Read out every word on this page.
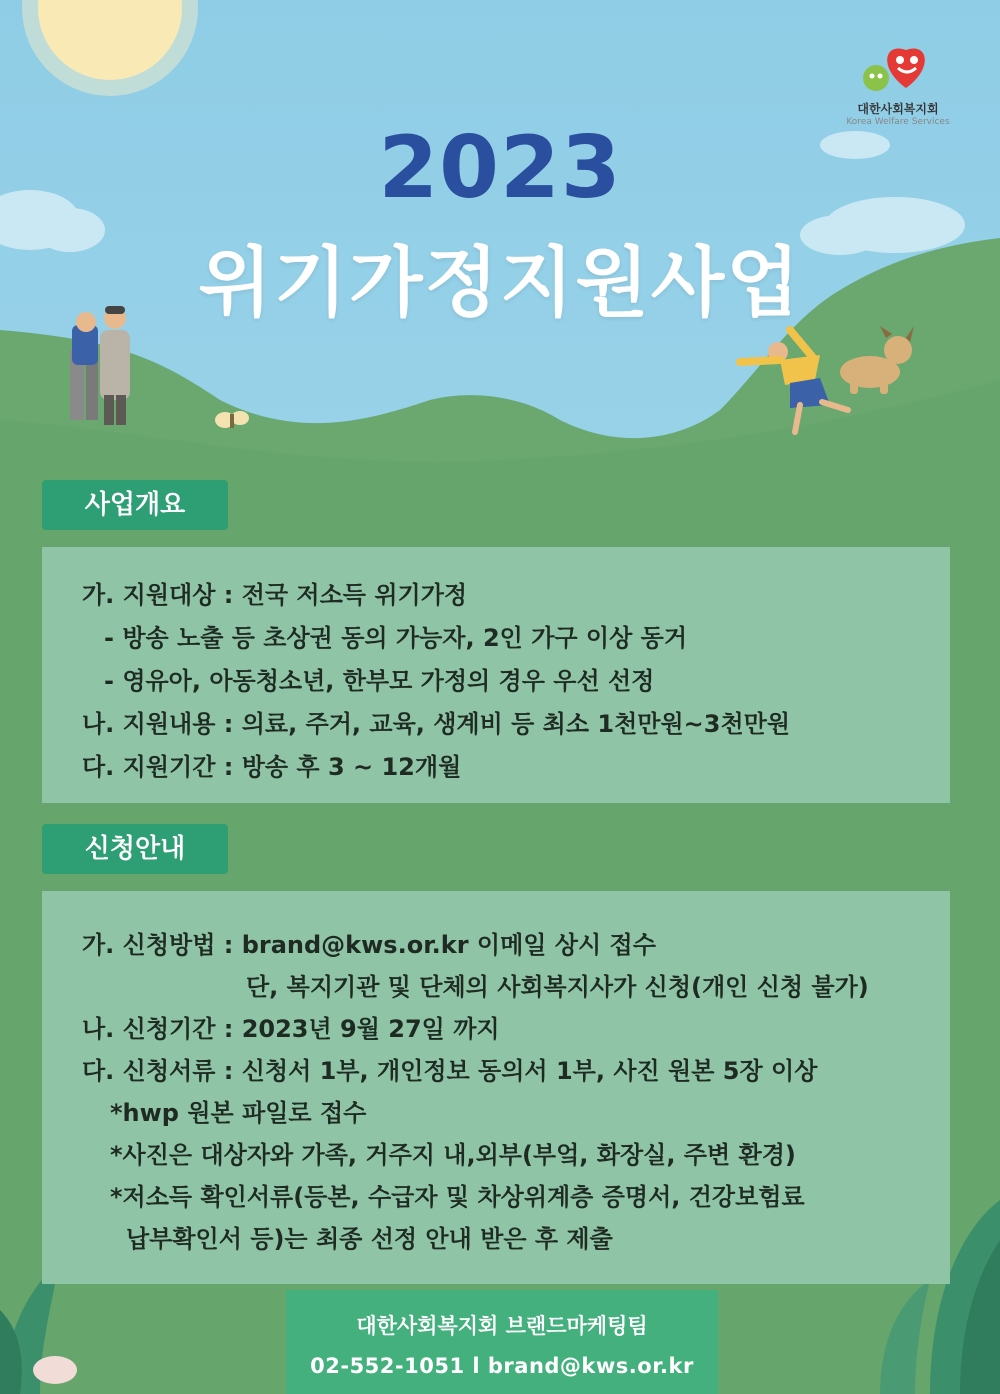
대한사회복지회
Korea Welfare Services
2023
위기가정지원사업
사업개요
가. 지원대상 : 전국 저소득 위기가정
- 방송 노출 등 초상권 동의 가능자, 2인 가구 이상 동거
- 영유아, 아동청소년, 한부모 가정의 경우 우선 선정
나. 지원내용 : 의료, 주거, 교육, 생계비 등 최소 1천만원~3천만원
다. 지원기간 : 방송 후 3 ~ 12개월
신청안내
가. 신청방법 : brand@kws.or.kr 이메일 상시 접수
단, 복지기관 및 단체의 사회복지사가 신청(개인 신청 불가)
나. 신청기간 : 2023년 9월 27일 까지
다. 신청서류 : 신청서 1부, 개인정보 동의서 1부, 사진 원본 5장 이상
*hwp 원본 파일로 접수
*사진은 대상자와 가족, 거주지 내,외부(부엌, 화장실, 주변 환경)
*저소득 확인서류(등본, 수급자 및 차상위계층 증명서, 건강보험료
납부확인서 등)는 최종 선정 안내 받은 후 제출
대한사회복지회 브랜드마케팅팀
02-552-1051 l brand@kws.or.kr
